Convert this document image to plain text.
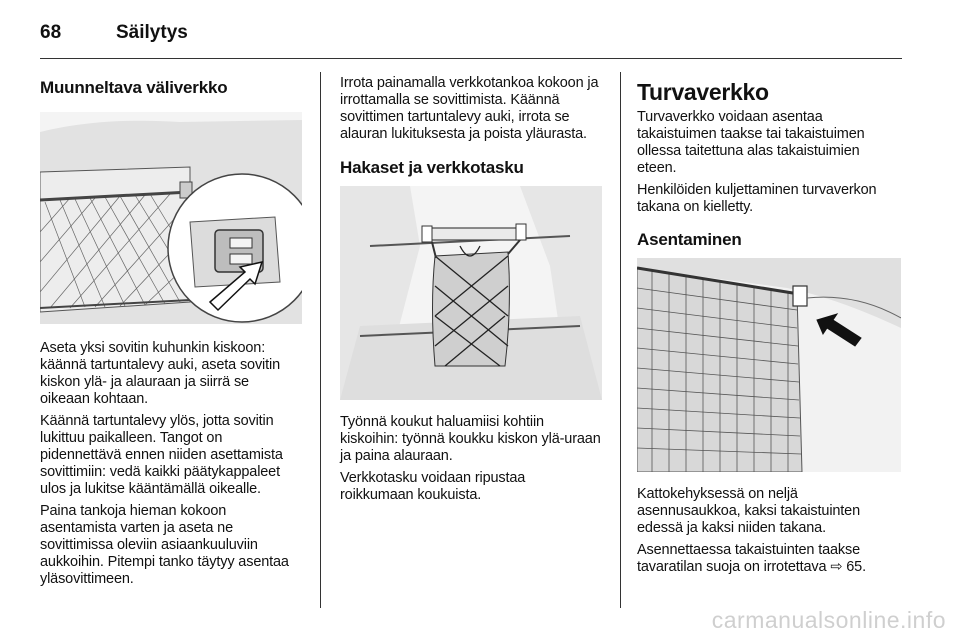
68	Säilytys
Muunneltava väliverkko

Aseta yksi sovitin kuhunkin kiskoon: käännä tartuntalevy auki, aseta sovitin kiskon ylä- ja alauraan ja siirrä se oikeaan kohtaan.

Käännä tartuntalevy ylös, jotta sovitin lukittuu paikalleen. Tangot on pidennettävä ennen niiden asettamista sovittimiin: vedä kaikki päätykappaleet ulos ja lukitse kääntämällä oikealle.

Paina tankoja hieman kokoon asentamista varten ja aseta ne sovittimissa oleviin asiaankuuluviin aukkoihin. Pitempi tanko täytyy asentaa yläsovittimeen.

Irrota painamalla verkkotankoa kokoon ja irrottamalla se sovittimista. Käännä sovittimen tartuntalevy auki, irrota se alauran lukituksesta ja poista yläurasta.

Hakaset ja verkkotasku

Työnnä koukut haluamiisi kohtiin kiskoihin: työnnä koukku kiskon ylä-uraan ja paina alauraan.

Verkkotasku voidaan ripustaa roikkumaan koukuista.

Turvaverkko

Turvaverkko voidaan asentaa takaistuimen taakse tai takaistuimen ollessa taitettuna alas takaistuimien eteen.

Henkilöiden kuljettaminen turvaverkon takana on kielletty.

Asentaminen

Kattokehyksessä on neljä asennusaukkoa, kaksi takaistuinten edessä ja kaksi niiden takana.

Asennettaessa takaistuinten taakse tavaratilan suoja on irrotettava ⇨ 65.

carmanualsonline.info
